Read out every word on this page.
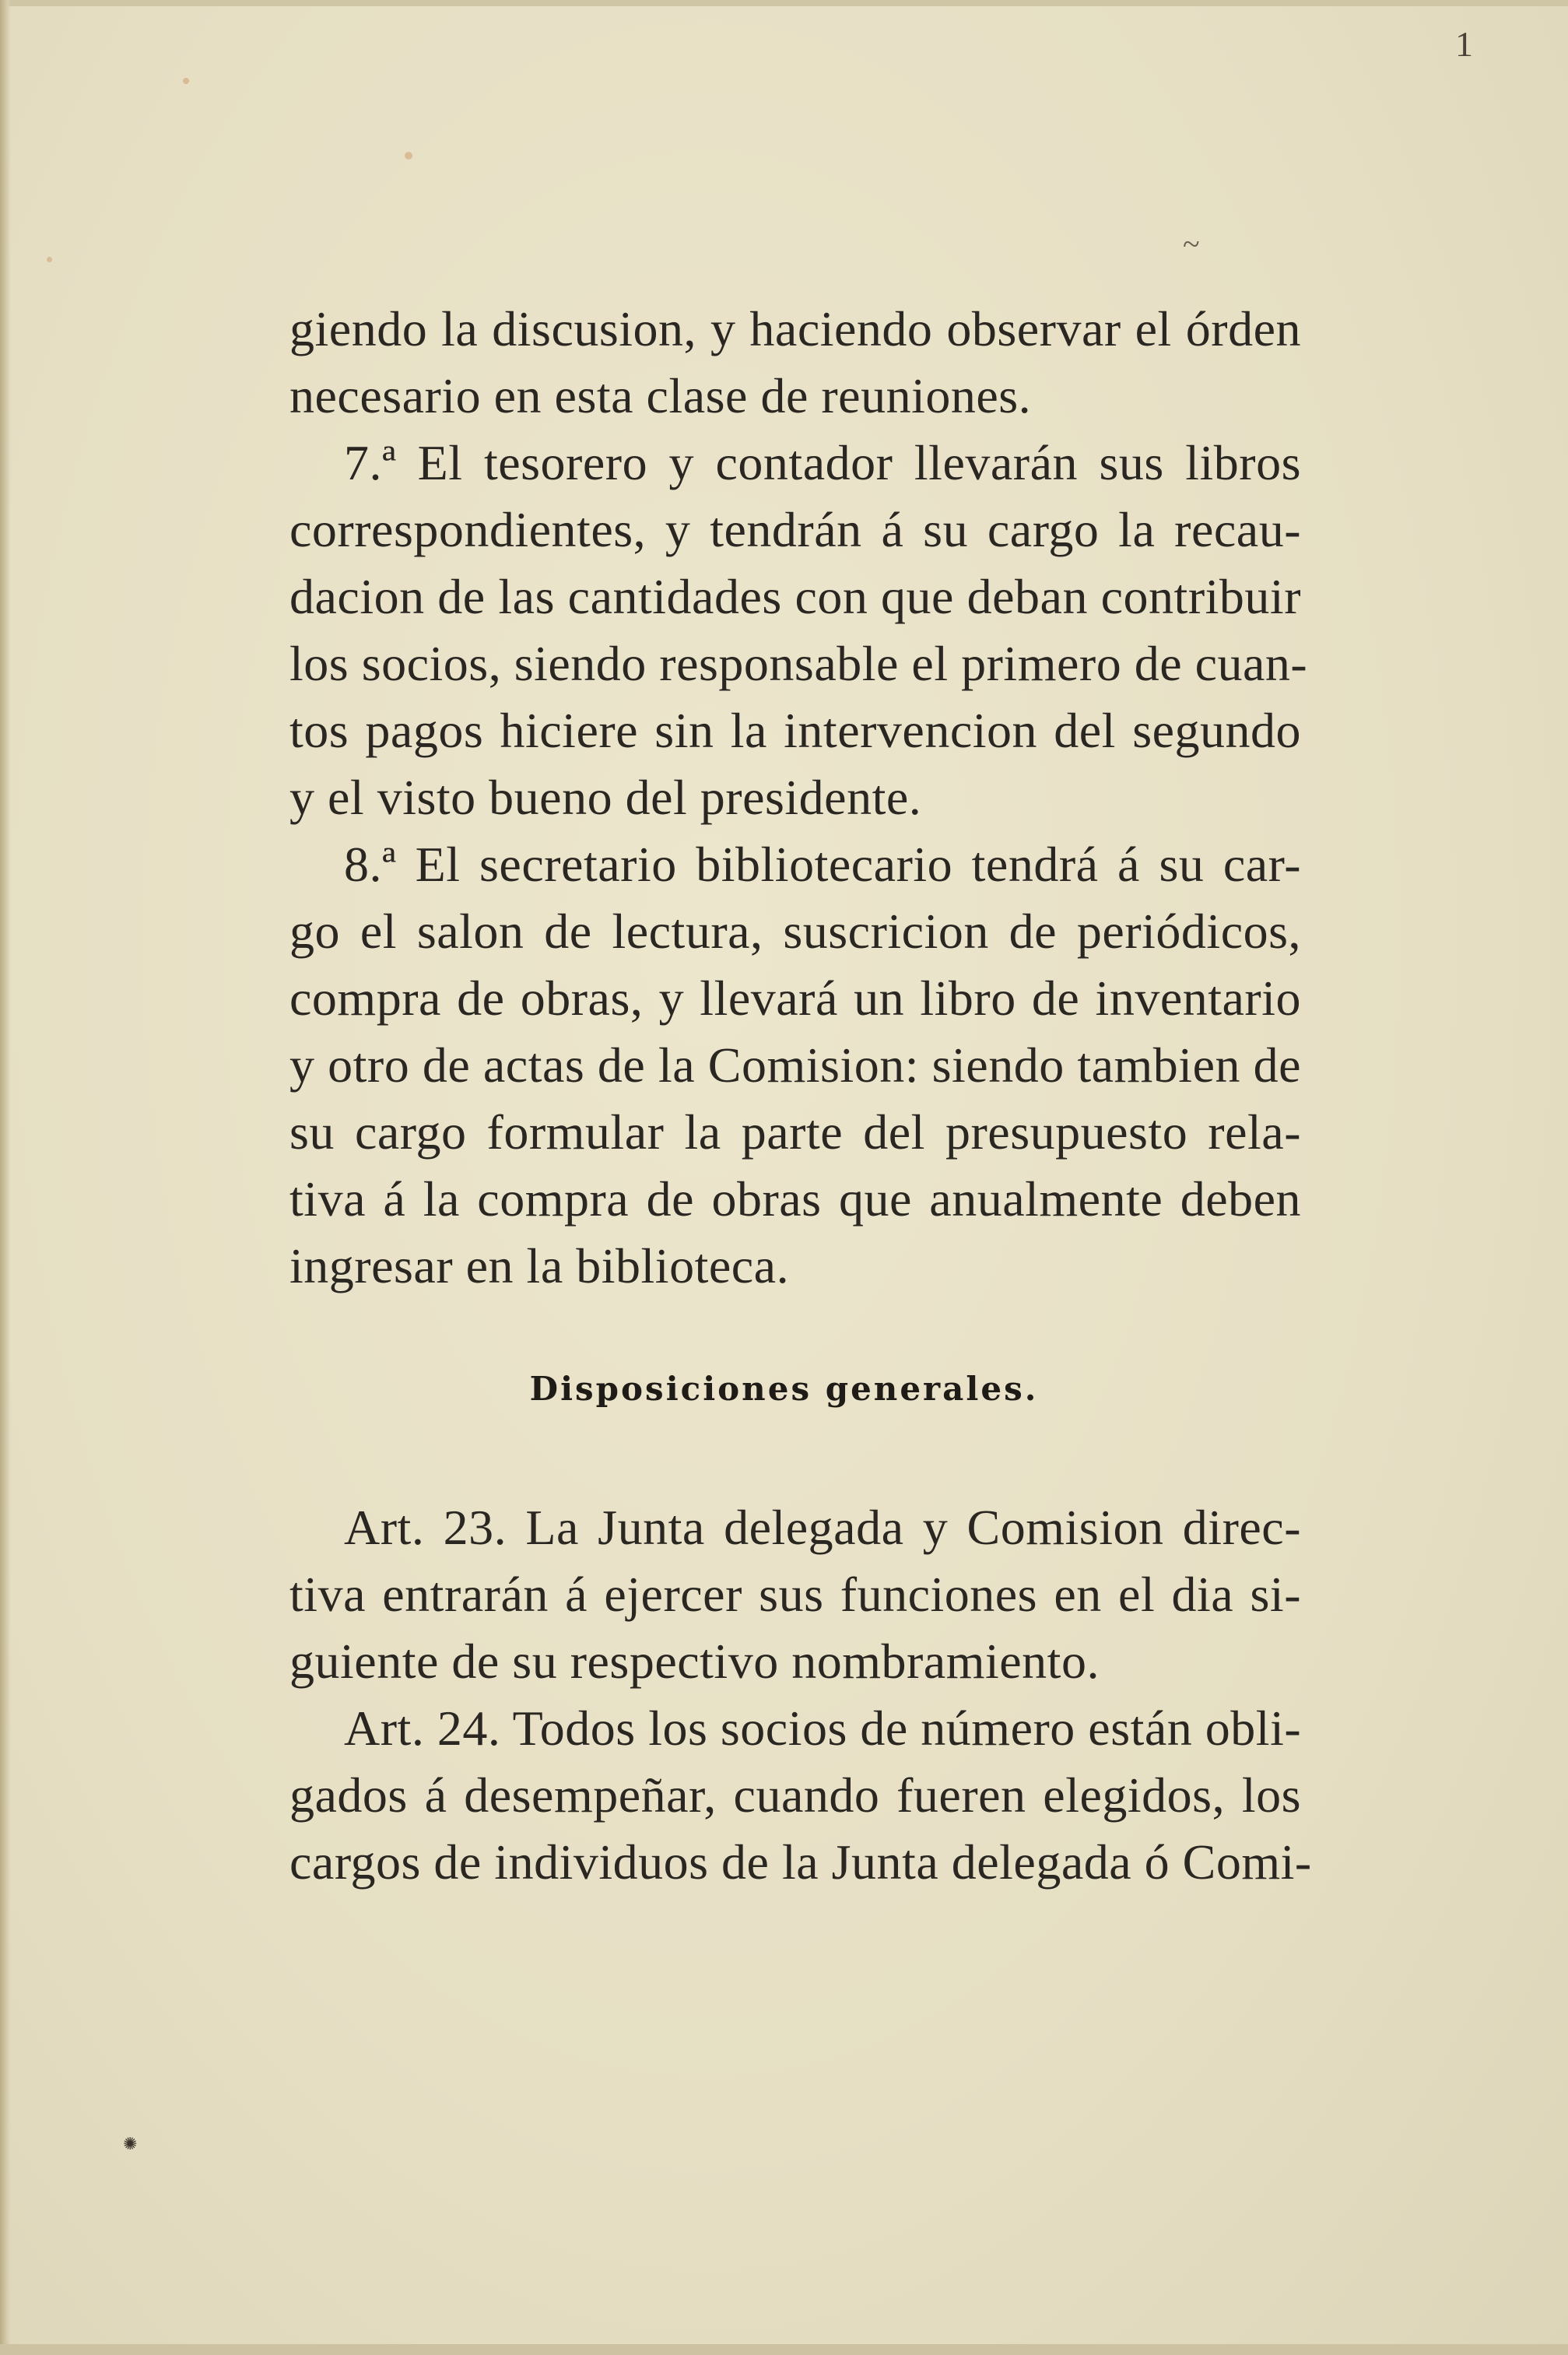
1
~
giendo la discusion, y haciendo observar el órden
necesario en esta clase de reuniones.
7.ª El tesorero y contador llevarán sus libros
correspondientes, y tendrán á su cargo la recau-
dacion de las cantidades con que deban contribuir
los socios, siendo responsable el primero de cuan-
tos pagos hiciere sin la intervencion del segundo
y el visto bueno del presidente.
8.ª El secretario bibliotecario tendrá á su car-
go el salon de lectura, suscricion de periódicos,
compra de obras, y llevará un libro de inventario
y otro de actas de la Comision: siendo tambien de
su cargo formular la parte del presupuesto rela-
tiva á la compra de obras que anualmente deben
ingresar en la biblioteca.
Disposiciones generales.
Art. 23. La Junta delegada y Comision direc-
tiva entrarán á ejercer sus funciones en el dia si-
guiente de su respectivo nombramiento.
Art. 24. Todos los socios de número están obli-
gados á desempeñar, cuando fueren elegidos, los
cargos de individuos de la Junta delegada ó Comi-
✺
